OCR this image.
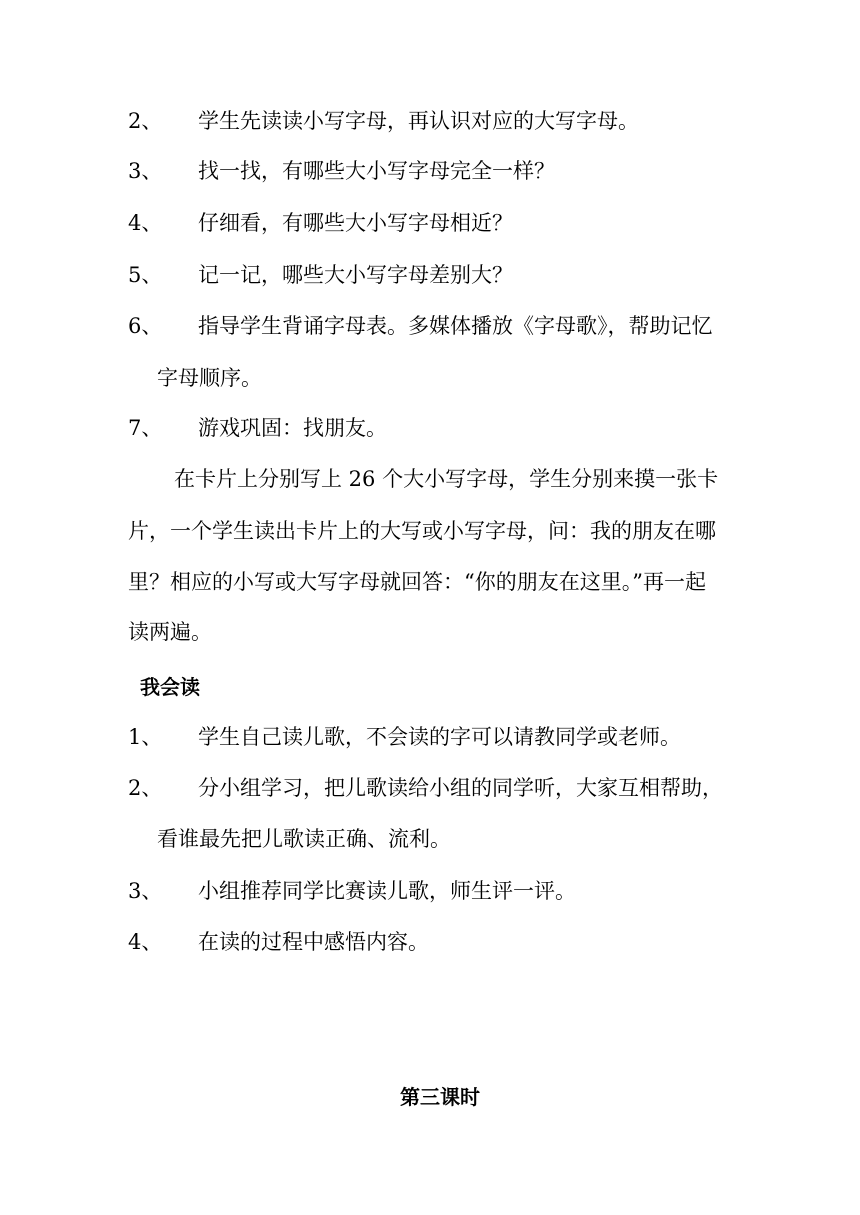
2、 学生先读读小写字母，再认识对应的大写字母。
3、 找一找，有哪些大小写字母完全一样？
4、 仔细看，有哪些大小写字母相近？
5、 记一记，哪些大小写字母差别大？
6、 指导学生背诵字母表。多媒体播放《字母歌》，帮助记忆
字母顺序。
7、 游戏巩固：找朋友。
在卡片上分别写上 26 个大小写字母，学生分别来摸一张卡
片，一个学生读出卡片上的大写或小写字母，问：我的朋友在哪
里？相应的小写或大写字母就回答：“你的朋友在这里。”再一起
读两遍。
我会读
1、 学生自己读儿歌，不会读的字可以请教同学或老师。
2、 分小组学习，把儿歌读给小组的同学听，大家互相帮助，
看谁最先把儿歌读正确、流利。
3、 小组推荐同学比赛读儿歌，师生评一评。
4、 在读的过程中感悟内容。
第三课时
